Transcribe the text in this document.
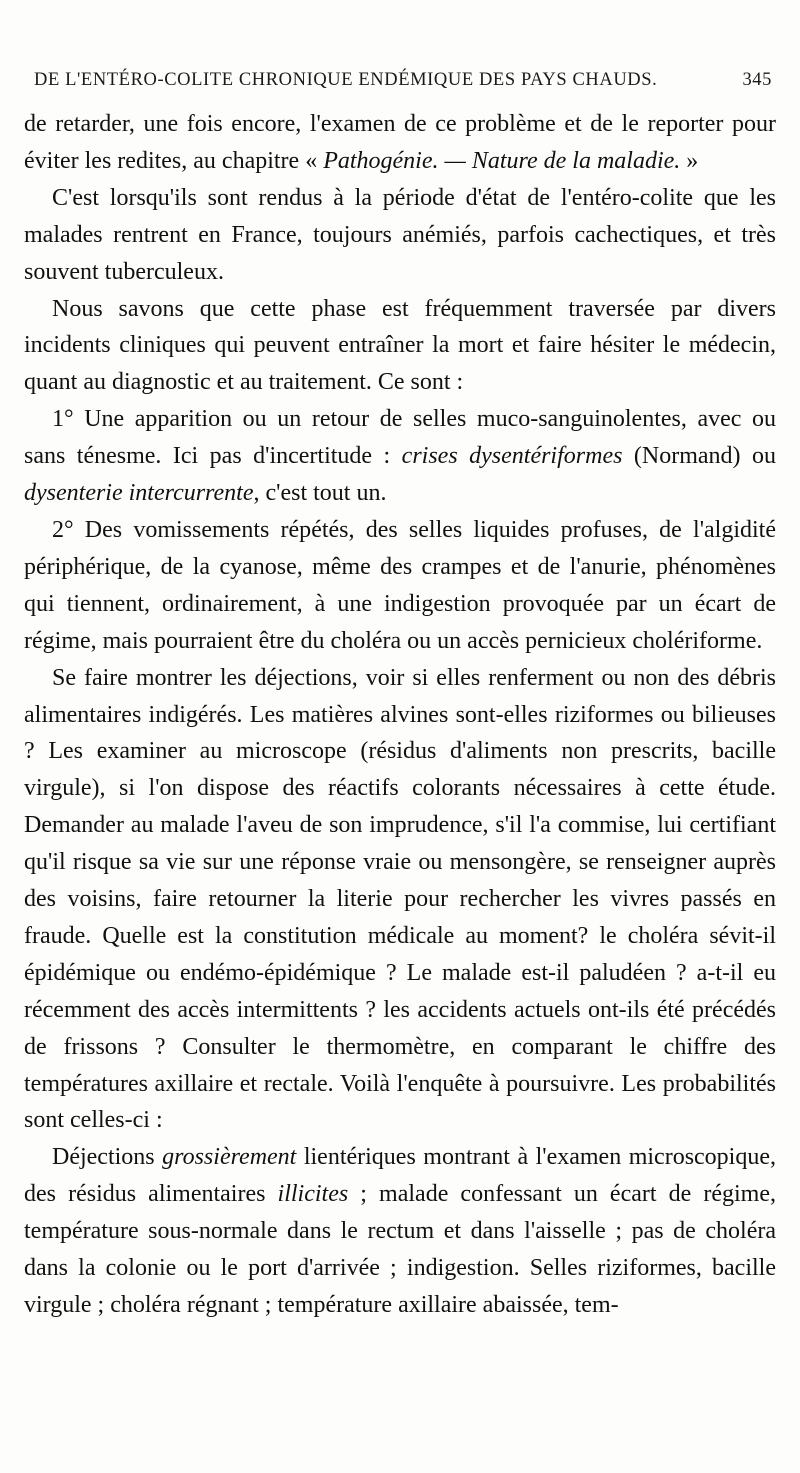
DE L'ENTÉRO-COLITE CHRONIQUE ENDÉMIQUE DES PAYS CHAUDS.	345

de retarder, une fois encore, l'examen de ce problème et de le reporter pour éviter les redites, au chapitre « Pathogénie. — Nature de la maladie. »

C'est lorsqu'ils sont rendus à la période d'état de l'entéro-colite que les malades rentrent en France, toujours anémiés, parfois cachectiques, et très souvent tuberculeux.

Nous savons que cette phase est fréquemment traversée par divers incidents cliniques qui peuvent entraîner la mort et faire hésiter le médecin, quant au diagnostic et au traitement. Ce sont :

1° Une apparition ou un retour de selles muco-sanguinolentes, avec ou sans ténesme. Ici pas d'incertitude : crises dysentériformes (Normand) ou dysenterie intercurrente, c'est tout un.

2° Des vomissements répétés, des selles liquides profuses, de l'algidité périphérique, de la cyanose, même des crampes et de l'anurie, phénomènes qui tiennent, ordinairement, à une indigestion provoquée par un écart de régime, mais pourraient être du choléra ou un accès pernicieux cholériforme.

Se faire montrer les déjections, voir si elles renferment ou non des débris alimentaires indigérés. Les matières alvines sont-elles riziformes ou bilieuses ? Les examiner au microscope (résidus d'aliments non prescrits, bacille virgule), si l'on dispose des réactifs colorants nécessaires à cette étude. Demander au malade l'aveu de son imprudence, s'il l'a commise, lui certifiant qu'il risque sa vie sur une réponse vraie ou mensongère, se renseigner auprès des voisins, faire retourner la literie pour rechercher les vivres passés en fraude. Quelle est la constitution médicale au moment? le choléra sévit-il épidémique ou endémo-épidémique ? Le malade est-il paludéen ? a-t-il eu récemment des accès intermittents ? les accidents actuels ont-ils été précédés de frissons ? Consulter le thermomètre, en comparant le chiffre des températures axillaire et rectale. Voilà l'enquête à poursuivre. Les probabilités sont celles-ci :

Déjections grossièrement lientériques montrant à l'examen microscopique, des résidus alimentaires illicites ; malade confessant un écart de régime, température sous-normale dans le rectum et dans l'aisselle ; pas de choléra dans la colonie ou le port d'arrivée ; indigestion. Selles riziformes, bacille virgule ; choléra régnant ; température axillaire abaissée, tem-
